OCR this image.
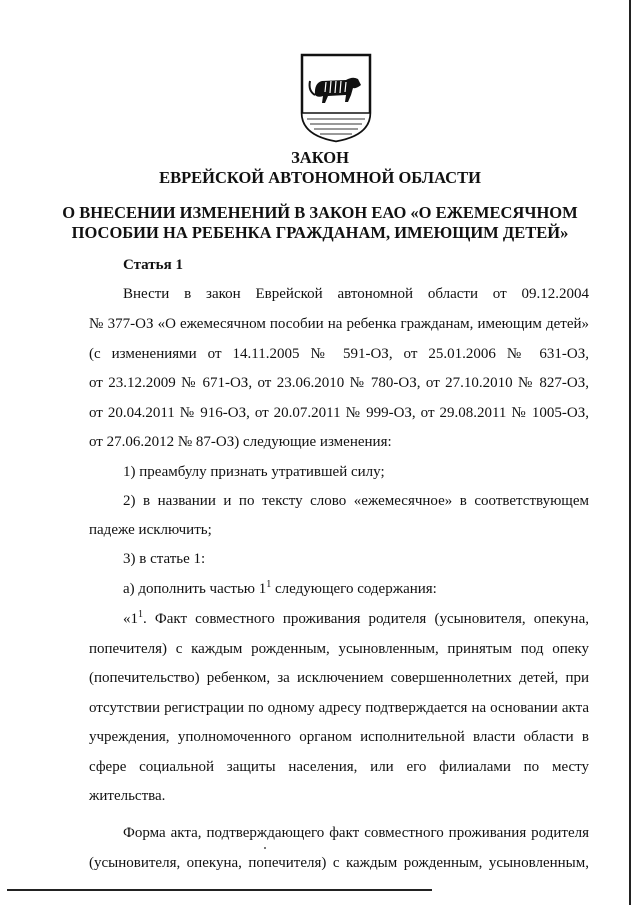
ЗАКОН
ЕВРЕЙСКОЙ АВТОНОМНОЙ ОБЛАСТИ
О ВНЕСЕНИИ ИЗМЕНЕНИЙ В ЗАКОН ЕАО «О ЕЖЕМЕСЯЧНОМ
ПОСОБИИ НА РЕБЕНКА ГРАЖДАНАМ, ИМЕЮЩИМ ДЕТЕЙ»
Статья 1
Внести в закон Еврейской автономной области от 09.12.2004
№ 377-ОЗ «О ежемесячном пособии на ребенка гражданам, имеющим детей»
(с изменениями от 14.11.2005 № 591-ОЗ, от 25.01.2006 № 631-ОЗ,
от 23.12.2009 № 671-ОЗ, от 23.06.2010 № 780-ОЗ, от 27.10.2010 № 827-ОЗ,
от 20.04.2011 № 916-ОЗ, от 20.07.2011 № 999-ОЗ, от 29.08.2011 № 1005-ОЗ,
от 27.06.2012 № 87-ОЗ) следующие изменения:
1) преамбулу признать утратившей силу;
2) в названии и по тексту слово «ежемесячное» в соответствующем
падеже исключить;
3) в статье 1:
а) дополнить частью $1^1$ следующего содержания:
«$1^1$. Факт совместного проживания родителя (усыновителя, опекуна,
попечителя) с каждым рожденным, усыновленным, принятым под опеку
(попечительство) ребенком, за исключением совершеннолетних детей, при
отсутствии регистрации по одному адресу подтверждается на основании акта
учреждения, уполномоченного органом исполнительной власти области в
сфере социальной защиты населения, или его филиалами по месту
жительства.
Форма акта, подтверждающего факт совместного проживания родителя
(усыновителя, опекуна, попечителя) с каждым рожденным, усыновленным,
